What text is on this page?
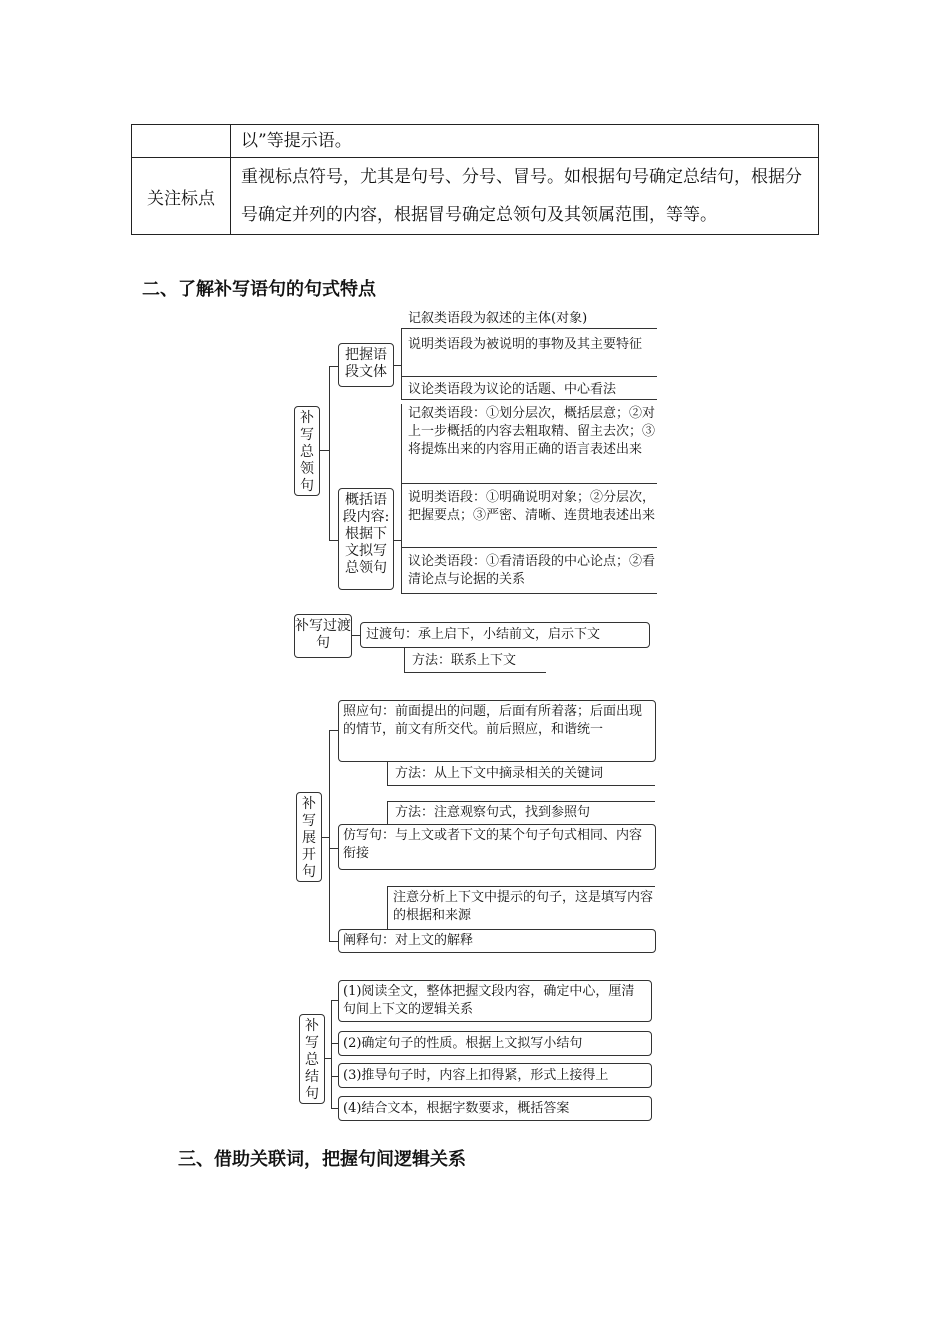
	以”等提示语。
关注标点	重视标点符号，尤其是句号、分号、冒号。如根据句号确定总结句，根据分号确定并列的内容，根据冒号确定总领句及其领属范围，等等。
二、了解补写语句的句式特点
补写总领句
把握语段文体
记叙类语段为叙述的主体(对象)
说明类语段为被说明的事物及其主要特征
议论类语段为议论的话题、中心看法
概括语段内容:根据下文拟写总领句
记叙类语段：①划分层次，概括层意；②对上一步概括的内容去粗取精、留主去次；③将提炼出来的内容用正确的语言表述出来
说明类语段：①明确说明对象；②分层次，把握要点；③严密、清晰、连贯地表述出来
议论类语段：①看清语段的中心论点；②看清论点与论据的关系
补写过渡句
过渡句：承上启下，小结前文，启示下文
方法：联系上下文
补写展开句
照应句：前面提出的问题，后面有所着落；后面出现的情节，前文有所交代。前后照应，和谐统一
方法：从上下文中摘录相关的关键词
方法：注意观察句式，找到参照句
仿写句：与上文或者下文的某个句子句式相同、内容衔接
注意分析上下文中提示的句子，这是填写内容的根据和来源
阐释句：对上文的解释
补写总结句
(1)阅读全文，整体把握文段内容，确定中心，厘清句间上下文的逻辑关系
(2)确定句子的性质。根据上文拟写小结句
(3)推导句子时，内容上扣得紧，形式上接得上
(4)结合文本，根据字数要求，概括答案
三、借助关联词，把握句间逻辑关系
